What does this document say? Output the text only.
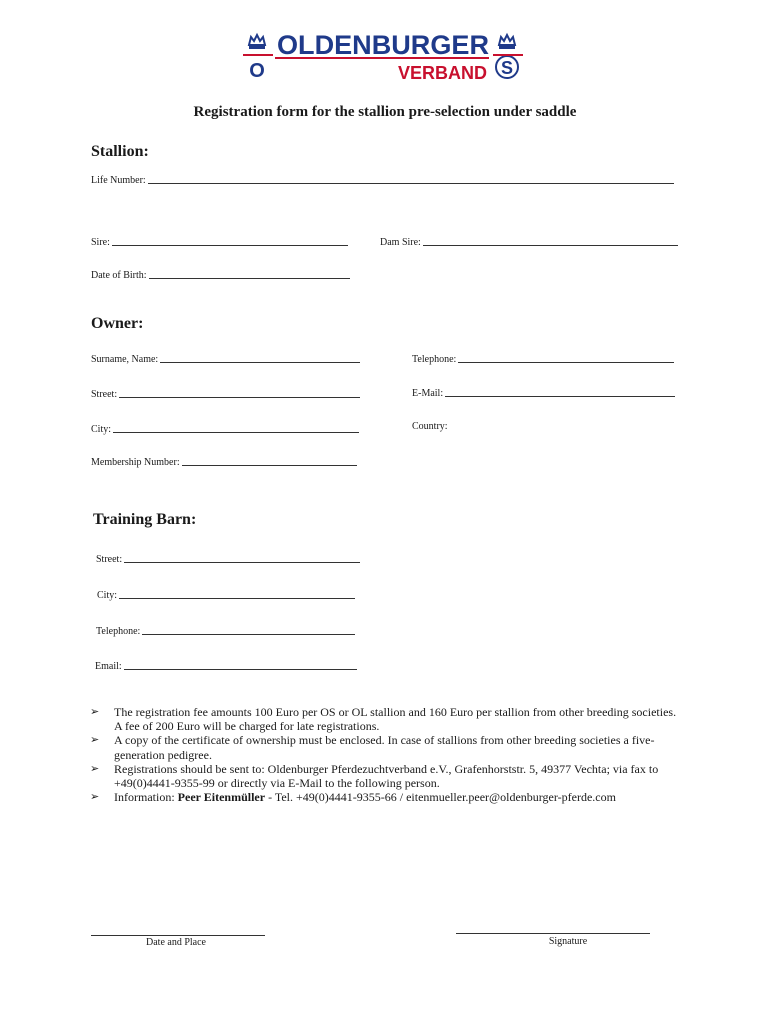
O	S
OLDENBURGER
VERBAND
Registration form for the stallion pre-selection under saddle
Stallion:
Life Number:
Sire:	Dam Sire:
Date of Birth:
Owner:
Surname, Name:	Telephone:
Street:	E-Mail:
City:	Country:
Membership Number:
Training Barn:
Street:
City:
Telephone:
Email:
➢	The registration fee amounts 100 Euro per OS or OL stallion and 160 Euro per stallion from other breeding societies. A fee of 200 Euro will be charged for late registrations.
➢	A copy of the certificate of ownership must be enclosed. In case of stallions from other breeding societies a five-generation pedigree.
➢	Registrations should be sent to: Oldenburger Pferdezuchtverband e.V., Grafenhorststr. 5, 49377 Vechta; via fax to +49(0)4441-9355-99 or directly via E-Mail to the following person.
➢	Information: Peer Eitenmüller - Tel. +49(0)4441-9355-66 / eitenmueller.peer@oldenburger-pferde.com
Date and Place	Signature
